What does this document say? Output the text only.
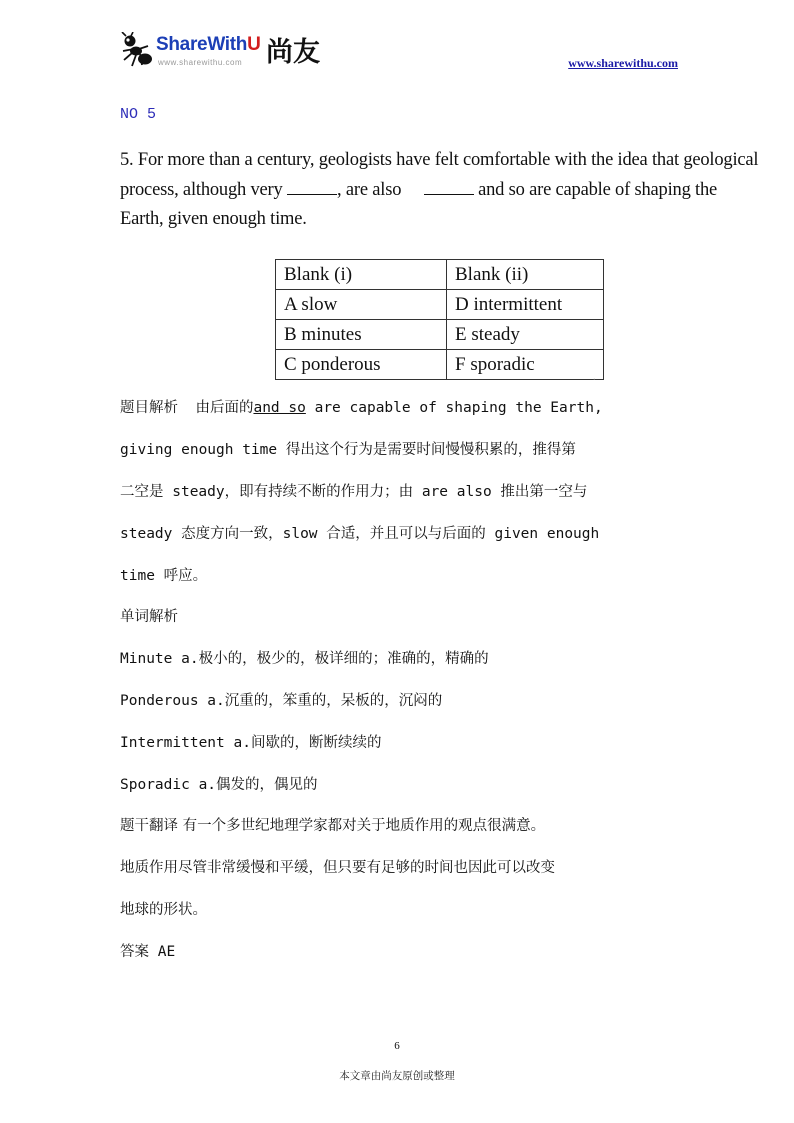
ShareWithU
www.sharewithu.com 尚友	www.sharewithu.com
NO 5
5. For more than a century, geologists have felt comfortable with the idea that geological process, although very	, are also	and so are capable of shaping the Earth, given enough time.
Blank (i)	Blank (ii)
A slow	D intermittent
B minutes	E steady
C ponderous	F sporadic
.
题目解析 由后面的and so are capable of shaping the Earth,
giving enough time 得出这个行为是需要时间慢慢积累的，推得第
二空是 steady，即有持续不断的作用力；由 are also 推出第一空与
steady 态度方向一致，slow 合适，并且可以与后面的 given enough
time 呼应。
单词解析
Minute a.极小的，极少的，极详细的；准确的，精确的
Ponderous a.沉重的，笨重的，呆板的，沉闷的
Intermittent a.间歇的，断断续续的
Sporadic a.偶发的，偶见的
题干翻译 有一个多世纪地理学家都对关于地质作用的观点很满意。
地质作用尽管非常缓慢和平缓，但只要有足够的时间也因此可以改变
地球的形状。
答案 AE
6
本文章由尚友原创或整理
